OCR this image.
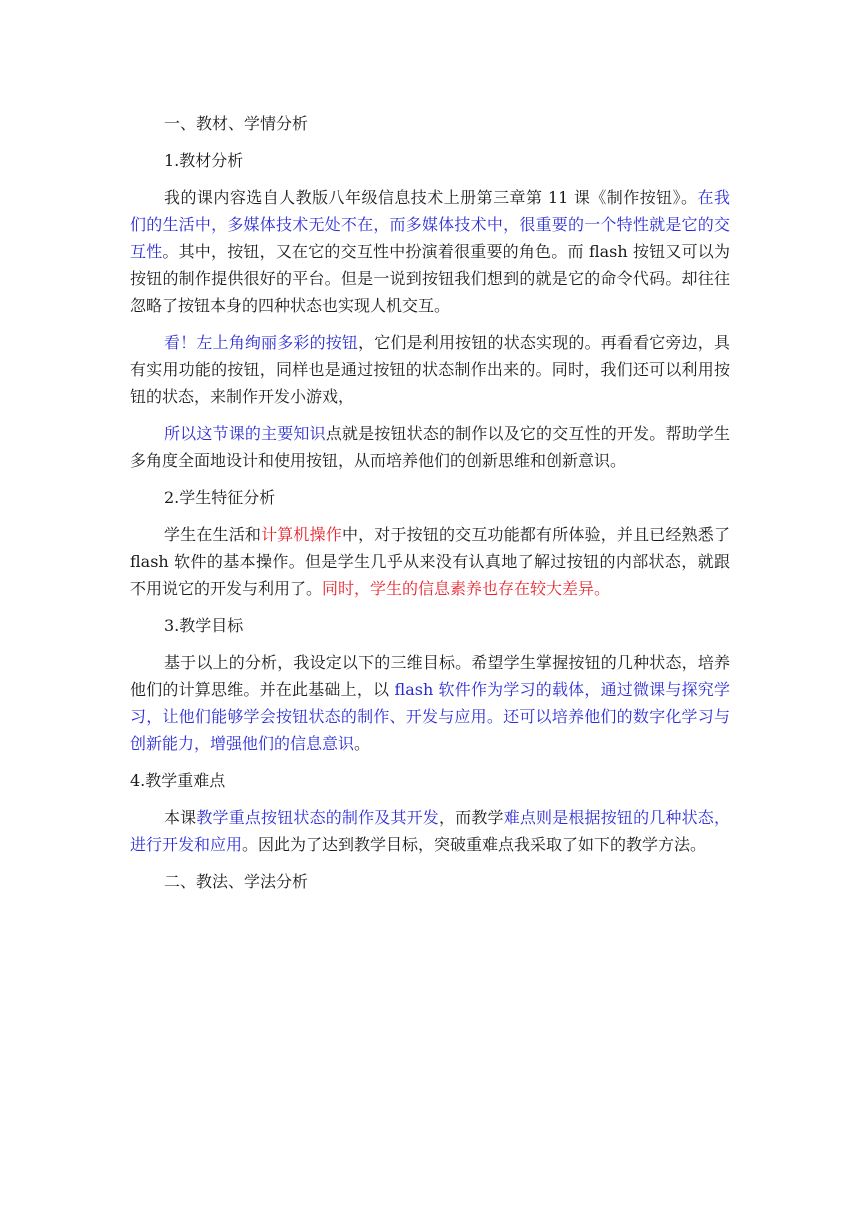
一、教材、学情分析

1.教材分析

我的课内容选自人教版八年级信息技术上册第三章第 11 课《制作按钮》。在我们的生活中，多媒体技术无处不在，而多媒体技术中，很重要的一个特性就是它的交互性。其中，按钮，又在它的交互性中扮演着很重要的角色。而 flash 按钮又可以为按钮的制作提供很好的平台。但是一说到按钮我们想到的就是它的命令代码。却往往忽略了按钮本身的四种状态也实现人机交互。

看！左上角绚丽多彩的按钮，它们是利用按钮的状态实现的。再看看它旁边，具有实用功能的按钮，同样也是通过按钮的状态制作出来的。同时，我们还可以利用按钮的状态，来制作开发小游戏，

所以这节课的主要知识点就是按钮状态的制作以及它的交互性的开发。帮助学生多角度全面地设计和使用按钮，从而培养他们的创新思维和创新意识。

2.学生特征分析

学生在生活和计算机操作中，对于按钮的交互功能都有所体验，并且已经熟悉了 flash 软件的基本操作。但是学生几乎从来没有认真地了解过按钮的内部状态，就跟不用说它的开发与利用了。同时，学生的信息素养也存在较大差异。

3.教学目标

基于以上的分析，我设定以下的三维目标。希望学生掌握按钮的几种状态，培养他们的计算思维。并在此基础上，以 flash 软件作为学习的载体，通过微课与探究学习，让他们能够学会按钮状态的制作、开发与应用。还可以培养他们的数字化学习与创新能力，增强他们的信息意识。

4.教学重难点

本课教学重点按钮状态的制作及其开发，而教学难点则是根据按钮的几种状态，进行开发和应用。因此为了达到教学目标，突破重难点我采取了如下的教学方法。

二、教法、学法分析
